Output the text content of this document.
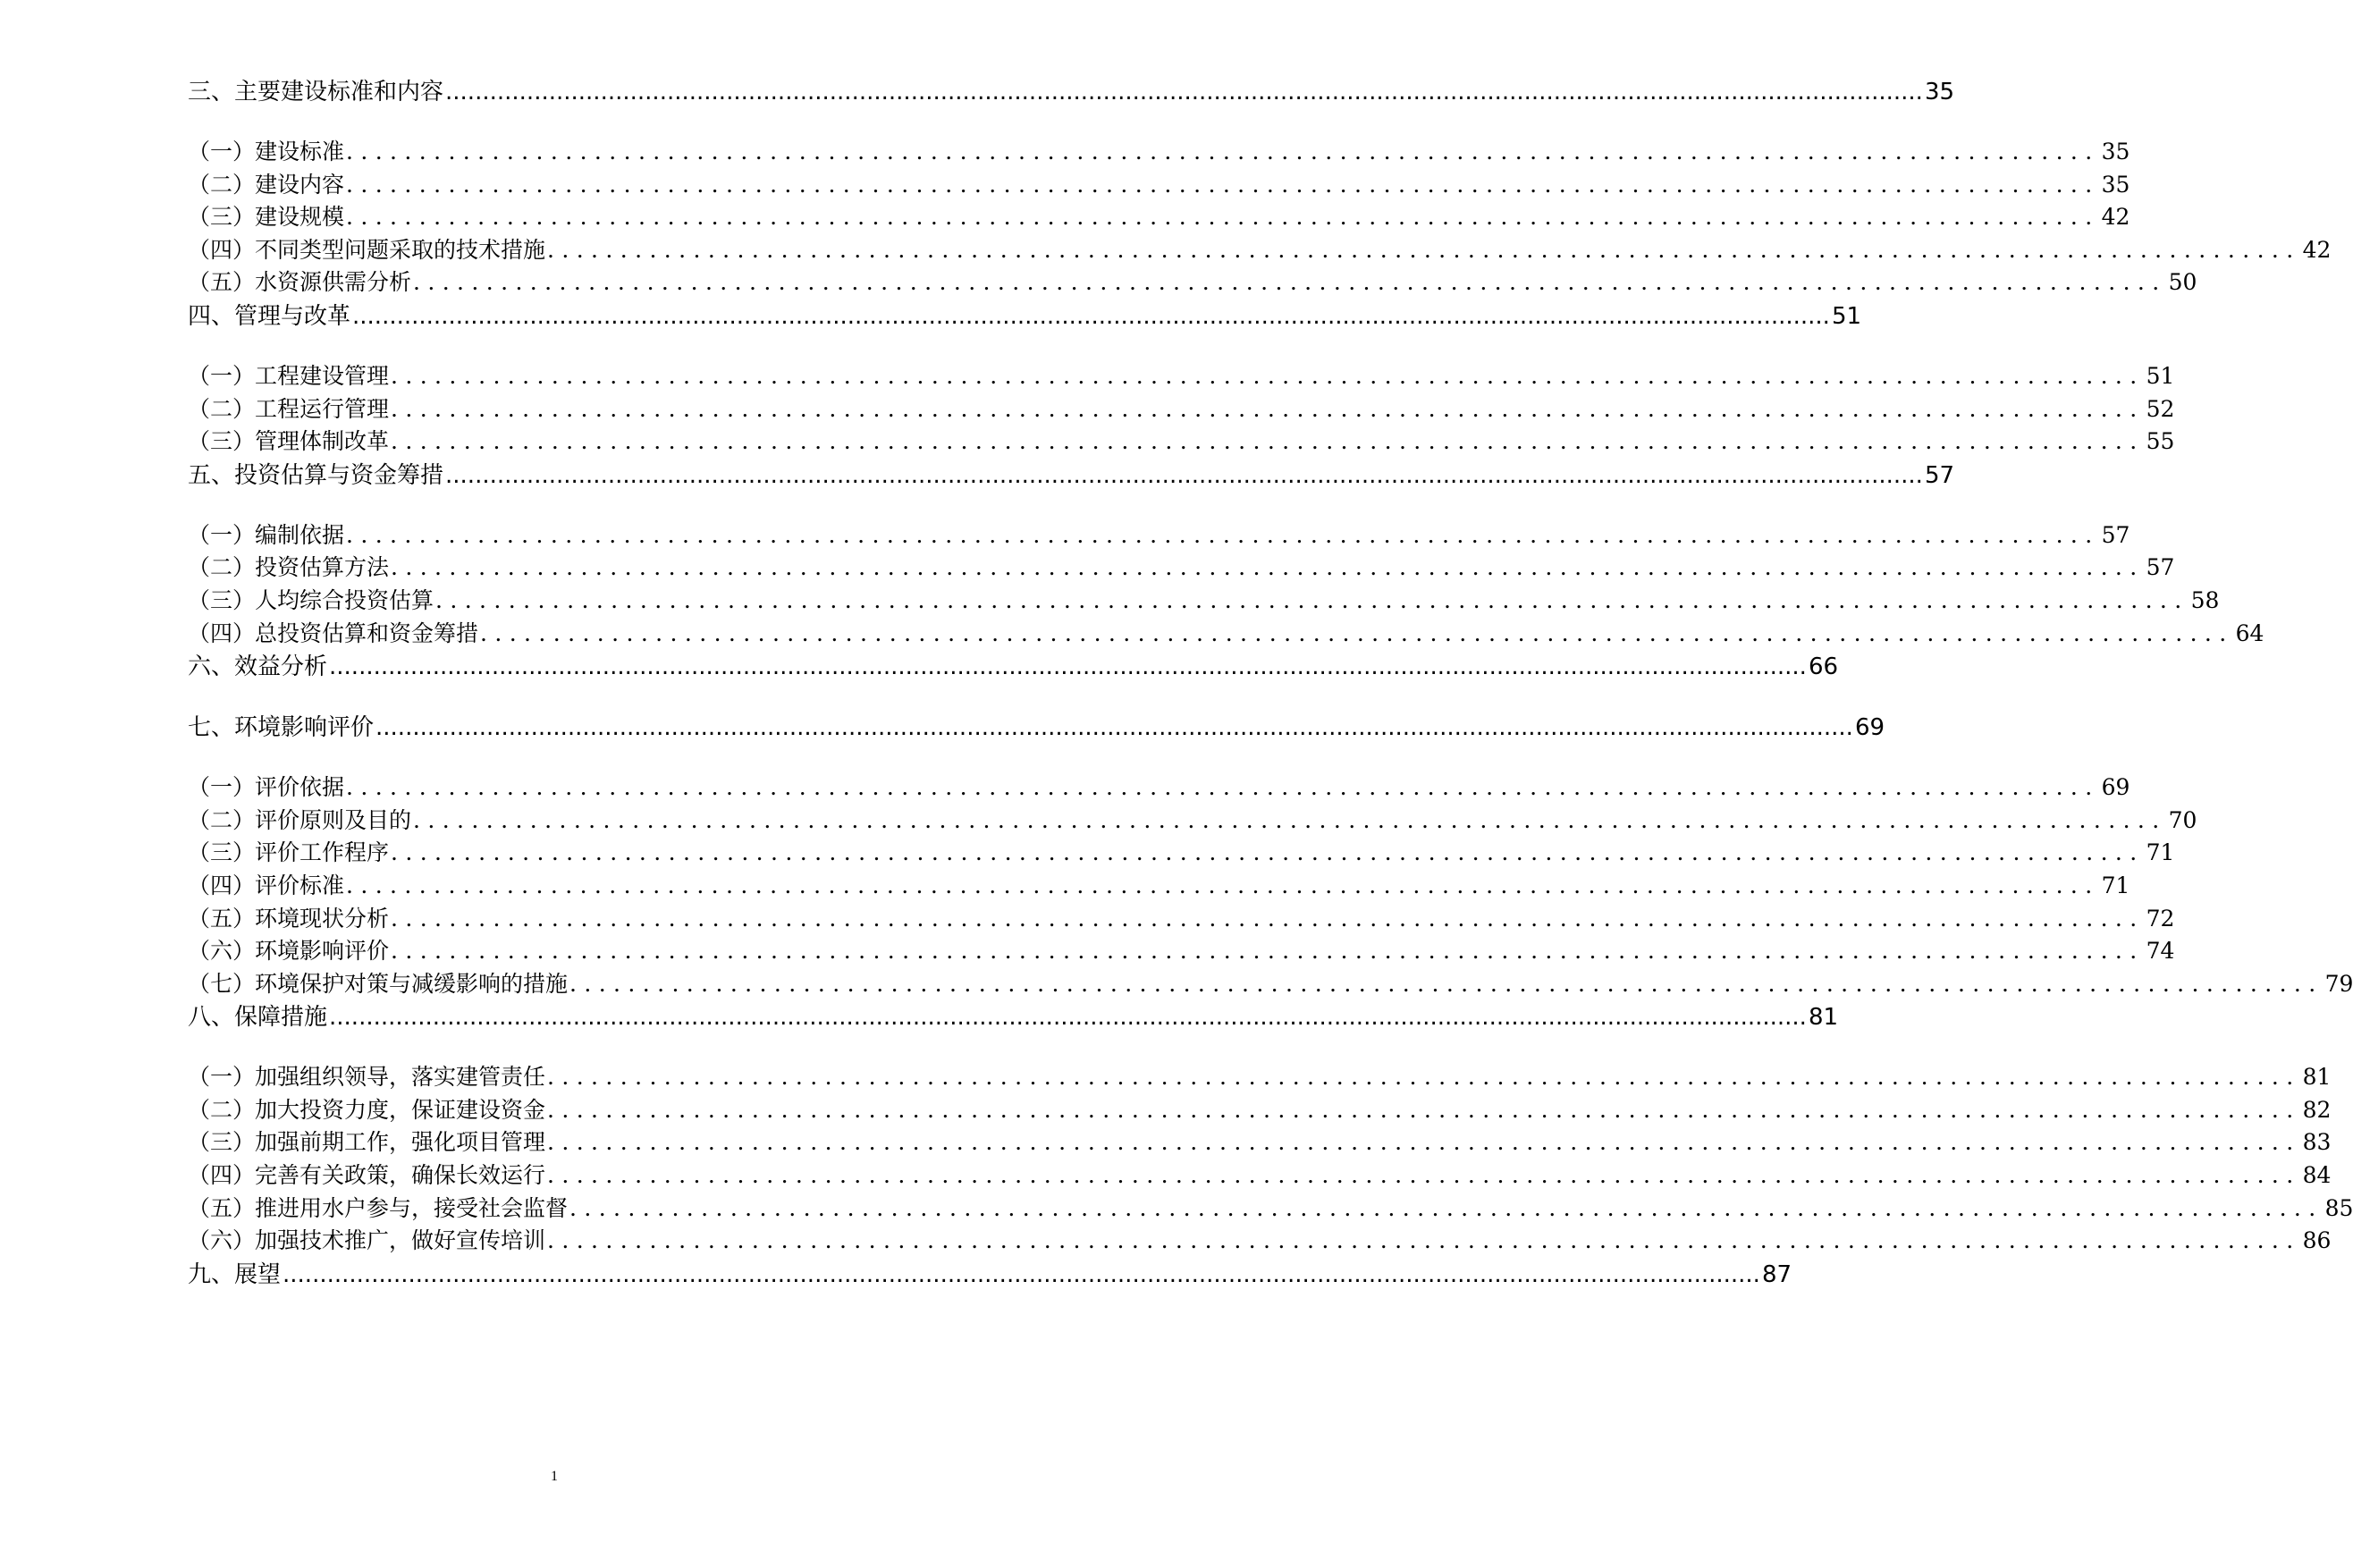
三、主要建设标准和内容 ........................................................................................................................................................................................................ 35
（一）建设标准 ........................................................................................................................ 35
（二）建设内容 ........................................................................................................................ 35
（三）建设规模 ........................................................................................................................ 42
（四）不同类型问题采取的技术措施 ........................................................................................................................ 42
（五）水资源供需分析 ........................................................................................................................ 50
四、管理与改革 ........................................................................................................................................................................................................ 51
（一）工程建设管理 ........................................................................................................................ 51
（二）工程运行管理 ........................................................................................................................ 52
（三）管理体制改革 ........................................................................................................................ 55
五、投资估算与资金筹措 ........................................................................................................................................................................................................ 57
（一）编制依据 ........................................................................................................................ 57
（二）投资估算方法 ........................................................................................................................ 57
（三）人均综合投资估算 ........................................................................................................................ 58
（四）总投资估算和资金筹措 ........................................................................................................................ 64
六、效益分析 ........................................................................................................................................................................................................ 66
七、环境影响评价 ........................................................................................................................................................................................................ 69
（一）评价依据 ........................................................................................................................ 69
（二）评价原则及目的 ........................................................................................................................ 70
（三）评价工作程序 ........................................................................................................................ 71
（四）评价标准 ........................................................................................................................ 71
（五）环境现状分析 ........................................................................................................................ 72
（六）环境影响评价 ........................................................................................................................ 74
（七）环境保护对策与减缓影响的措施 ........................................................................................................................ 79
八、保障措施 ........................................................................................................................................................................................................ 81
（一）加强组织领导，落实建管责任 ........................................................................................................................ 81
（二）加大投资力度，保证建设资金 ........................................................................................................................ 82
（三）加强前期工作，强化项目管理 ........................................................................................................................ 83
（四）完善有关政策，确保长效运行 ........................................................................................................................ 84
（五）推进用水户参与，接受社会监督 ........................................................................................................................ 85
（六）加强技术推广，做好宣传培训 ........................................................................................................................ 86
九、展望 ........................................................................................................................................................................................................ 87
1
